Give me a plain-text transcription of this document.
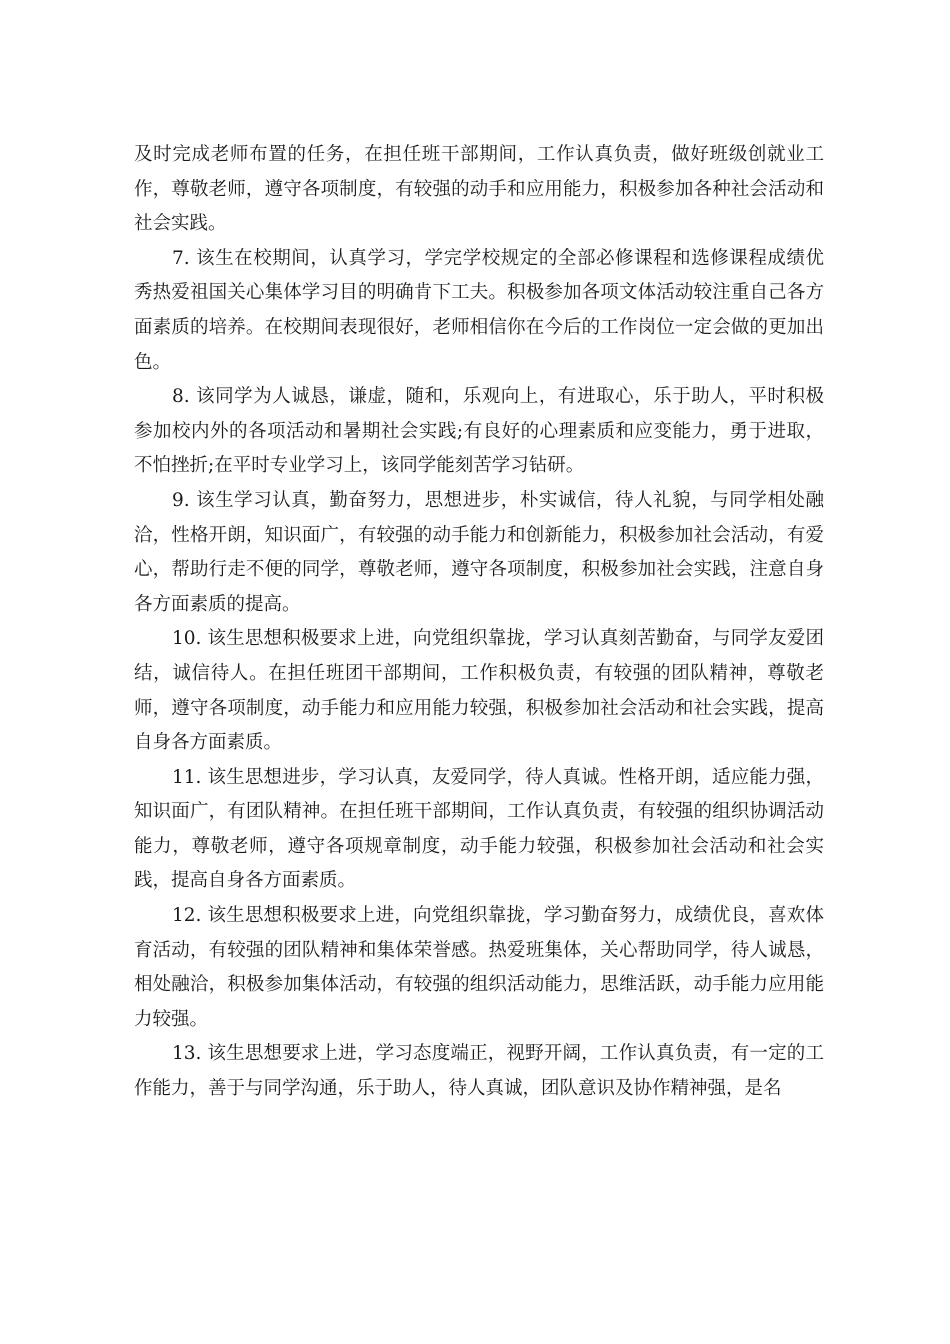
及时完成老师布置的任务，在担任班干部期间，工作认真负责，做好班级创就业工作，尊敬老师，遵守各项制度，有较强的动手和应用能力，积极参加各种社会活动和社会实践。

7. 该生在校期间，认真学习，学完学校规定的全部必修课程和选修课程成绩优秀热爱祖国关心集体学习目的明确肯下工夫。积极参加各项文体活动较注重自己各方面素质的培养。在校期间表现很好，老师相信你在今后的工作岗位一定会做的更加出色。

8. 该同学为人诚恳，谦虚，随和，乐观向上，有进取心，乐于助人，平时积极参加校内外的各项活动和暑期社会实践;有良好的心理素质和应变能力，勇于进取，不怕挫折;在平时专业学习上，该同学能刻苦学习钻研。

9. 该生学习认真，勤奋努力，思想进步，朴实诚信，待人礼貌，与同学相处融洽，性格开朗，知识面广，有较强的动手能力和创新能力，积极参加社会活动，有爱心，帮助行走不便的同学，尊敬老师，遵守各项制度，积极参加社会实践，注意自身各方面素质的提高。

10. 该生思想积极要求上进，向党组织靠拢，学习认真刻苦勤奋，与同学友爱团结，诚信待人。在担任班团干部期间，工作积极负责，有较强的团队精神，尊敬老师，遵守各项制度，动手能力和应用能力较强，积极参加社会活动和社会实践，提高自身各方面素质。

11. 该生思想进步，学习认真，友爱同学，待人真诚。性格开朗，适应能力强，知识面广，有团队精神。在担任班干部期间，工作认真负责，有较强的组织协调活动能力，尊敬老师，遵守各项规章制度，动手能力较强，积极参加社会活动和社会实践，提高自身各方面素质。

12. 该生思想积极要求上进，向党组织靠拢，学习勤奋努力，成绩优良，喜欢体育活动，有较强的团队精神和集体荣誉感。热爱班集体，关心帮助同学，待人诚恳，相处融洽，积极参加集体活动，有较强的组织活动能力，思维活跃，动手能力应用能力较强。

13. 该生思想要求上进，学习态度端正，视野开阔，工作认真负责，有一定的工作能力，善于与同学沟通，乐于助人，待人真诚，团队意识及协作精神强，是名
